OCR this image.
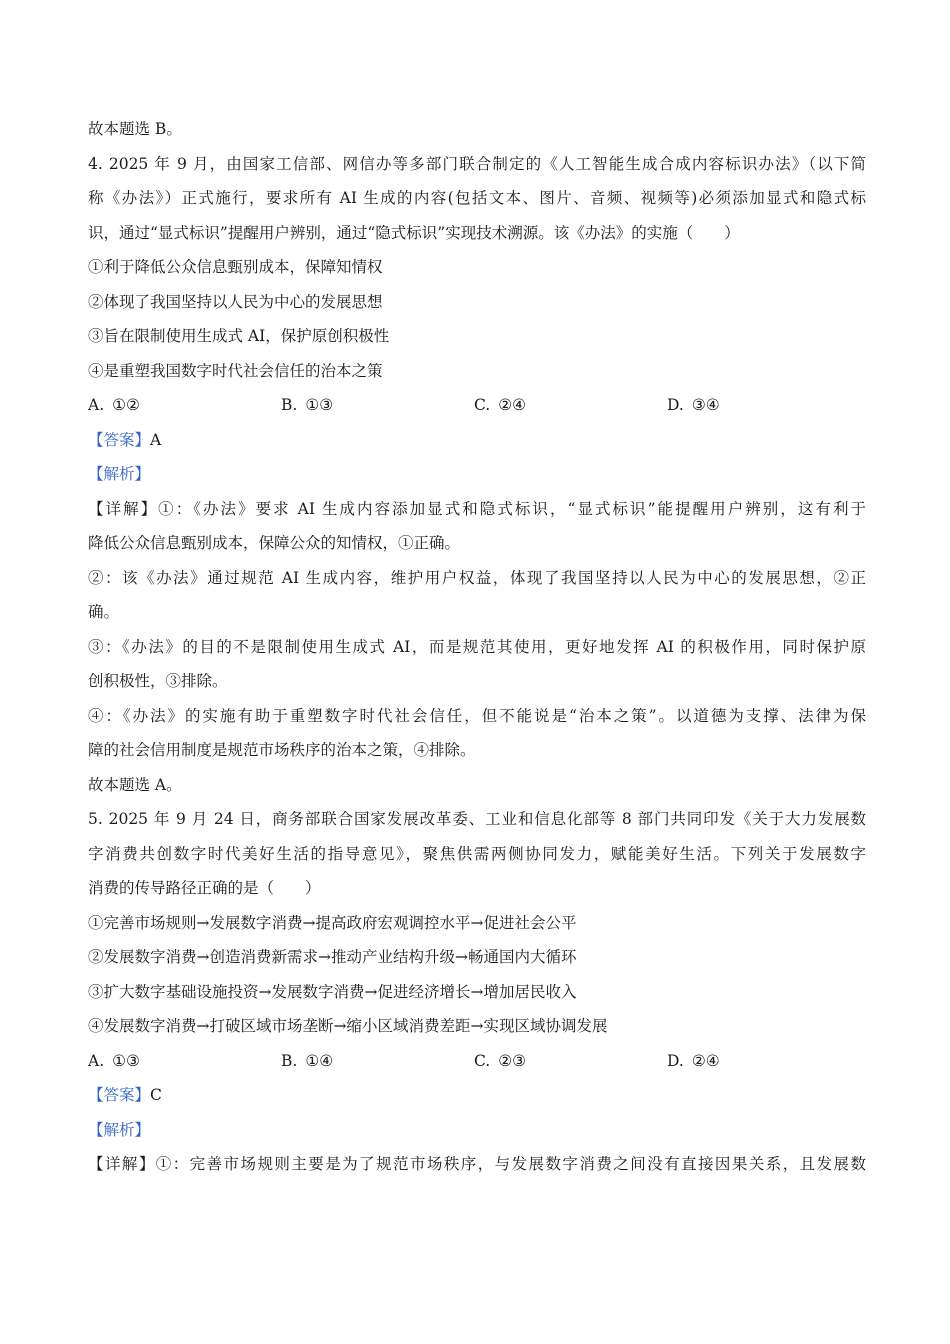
故本题选 B。
4. 2025 年 9 月，由国家工信部、网信办等多部门联合制定的《人工智能生成合成内容标识办法》（以下简
称《办法》）正式施行，要求所有 AI 生成的内容(包括文本、图片、音频、视频等)必须添加显式和隐式标
识，通过“显式标识”提醒用户辨别，通过“隐式标识”实现技术溯源。该《办法》的实施（　　）
①利于降低公众信息甄别成本，保障知情权
②体现了我国坚持以人民为中心的发展思想
③旨在限制使用生成式 AI，保护原创积极性
④是重塑我国数字时代社会信任的治本之策
A. ①②	B. ①③	C. ②④	D. ③④
【答案】A
【解析】
【详解】①：《办法》要求 AI 生成内容添加显式和隐式标识，“显式标识”能提醒用户辨别，这有利于
降低公众信息甄别成本，保障公众的知情权，①正确。
②：该《办法》通过规范 AI 生成内容，维护用户权益，体现了我国坚持以人民为中心的发展思想，②正
确。
③：《办法》的目的不是限制使用生成式 AI，而是规范其使用，更好地发挥 AI 的积极作用，同时保护原
创积极性，③排除。
④：《办法》的实施有助于重塑数字时代社会信任，但不能说是“治本之策”。以道德为支撑、法律为保
障的社会信用制度是规范市场秩序的治本之策，④排除。
故本题选 A。
5. 2025 年 9 月 24 日，商务部联合国家发展改革委、工业和信息化部等 8 部门共同印发《关于大力发展数
字消费共创数字时代美好生活的指导意见》，聚焦供需两侧协同发力，赋能美好生活。下列关于发展数字
消费的传导路径正确的是（　　）
①完善市场规则→发展数字消费→提高政府宏观调控水平→促进社会公平
②发展数字消费→创造消费新需求→推动产业结构升级→畅通国内大循环
③扩大数字基础设施投资→发展数字消费→促进经济增长→增加居民收入
④发展数字消费→打破区域市场垄断→缩小区域消费差距→实现区域协调发展
A. ①③	B. ①④	C. ②③	D. ②④
【答案】C
【解析】
【详解】①：完善市场规则主要是为了规范市场秩序，与发展数字消费之间没有直接因果关系，且发展数
